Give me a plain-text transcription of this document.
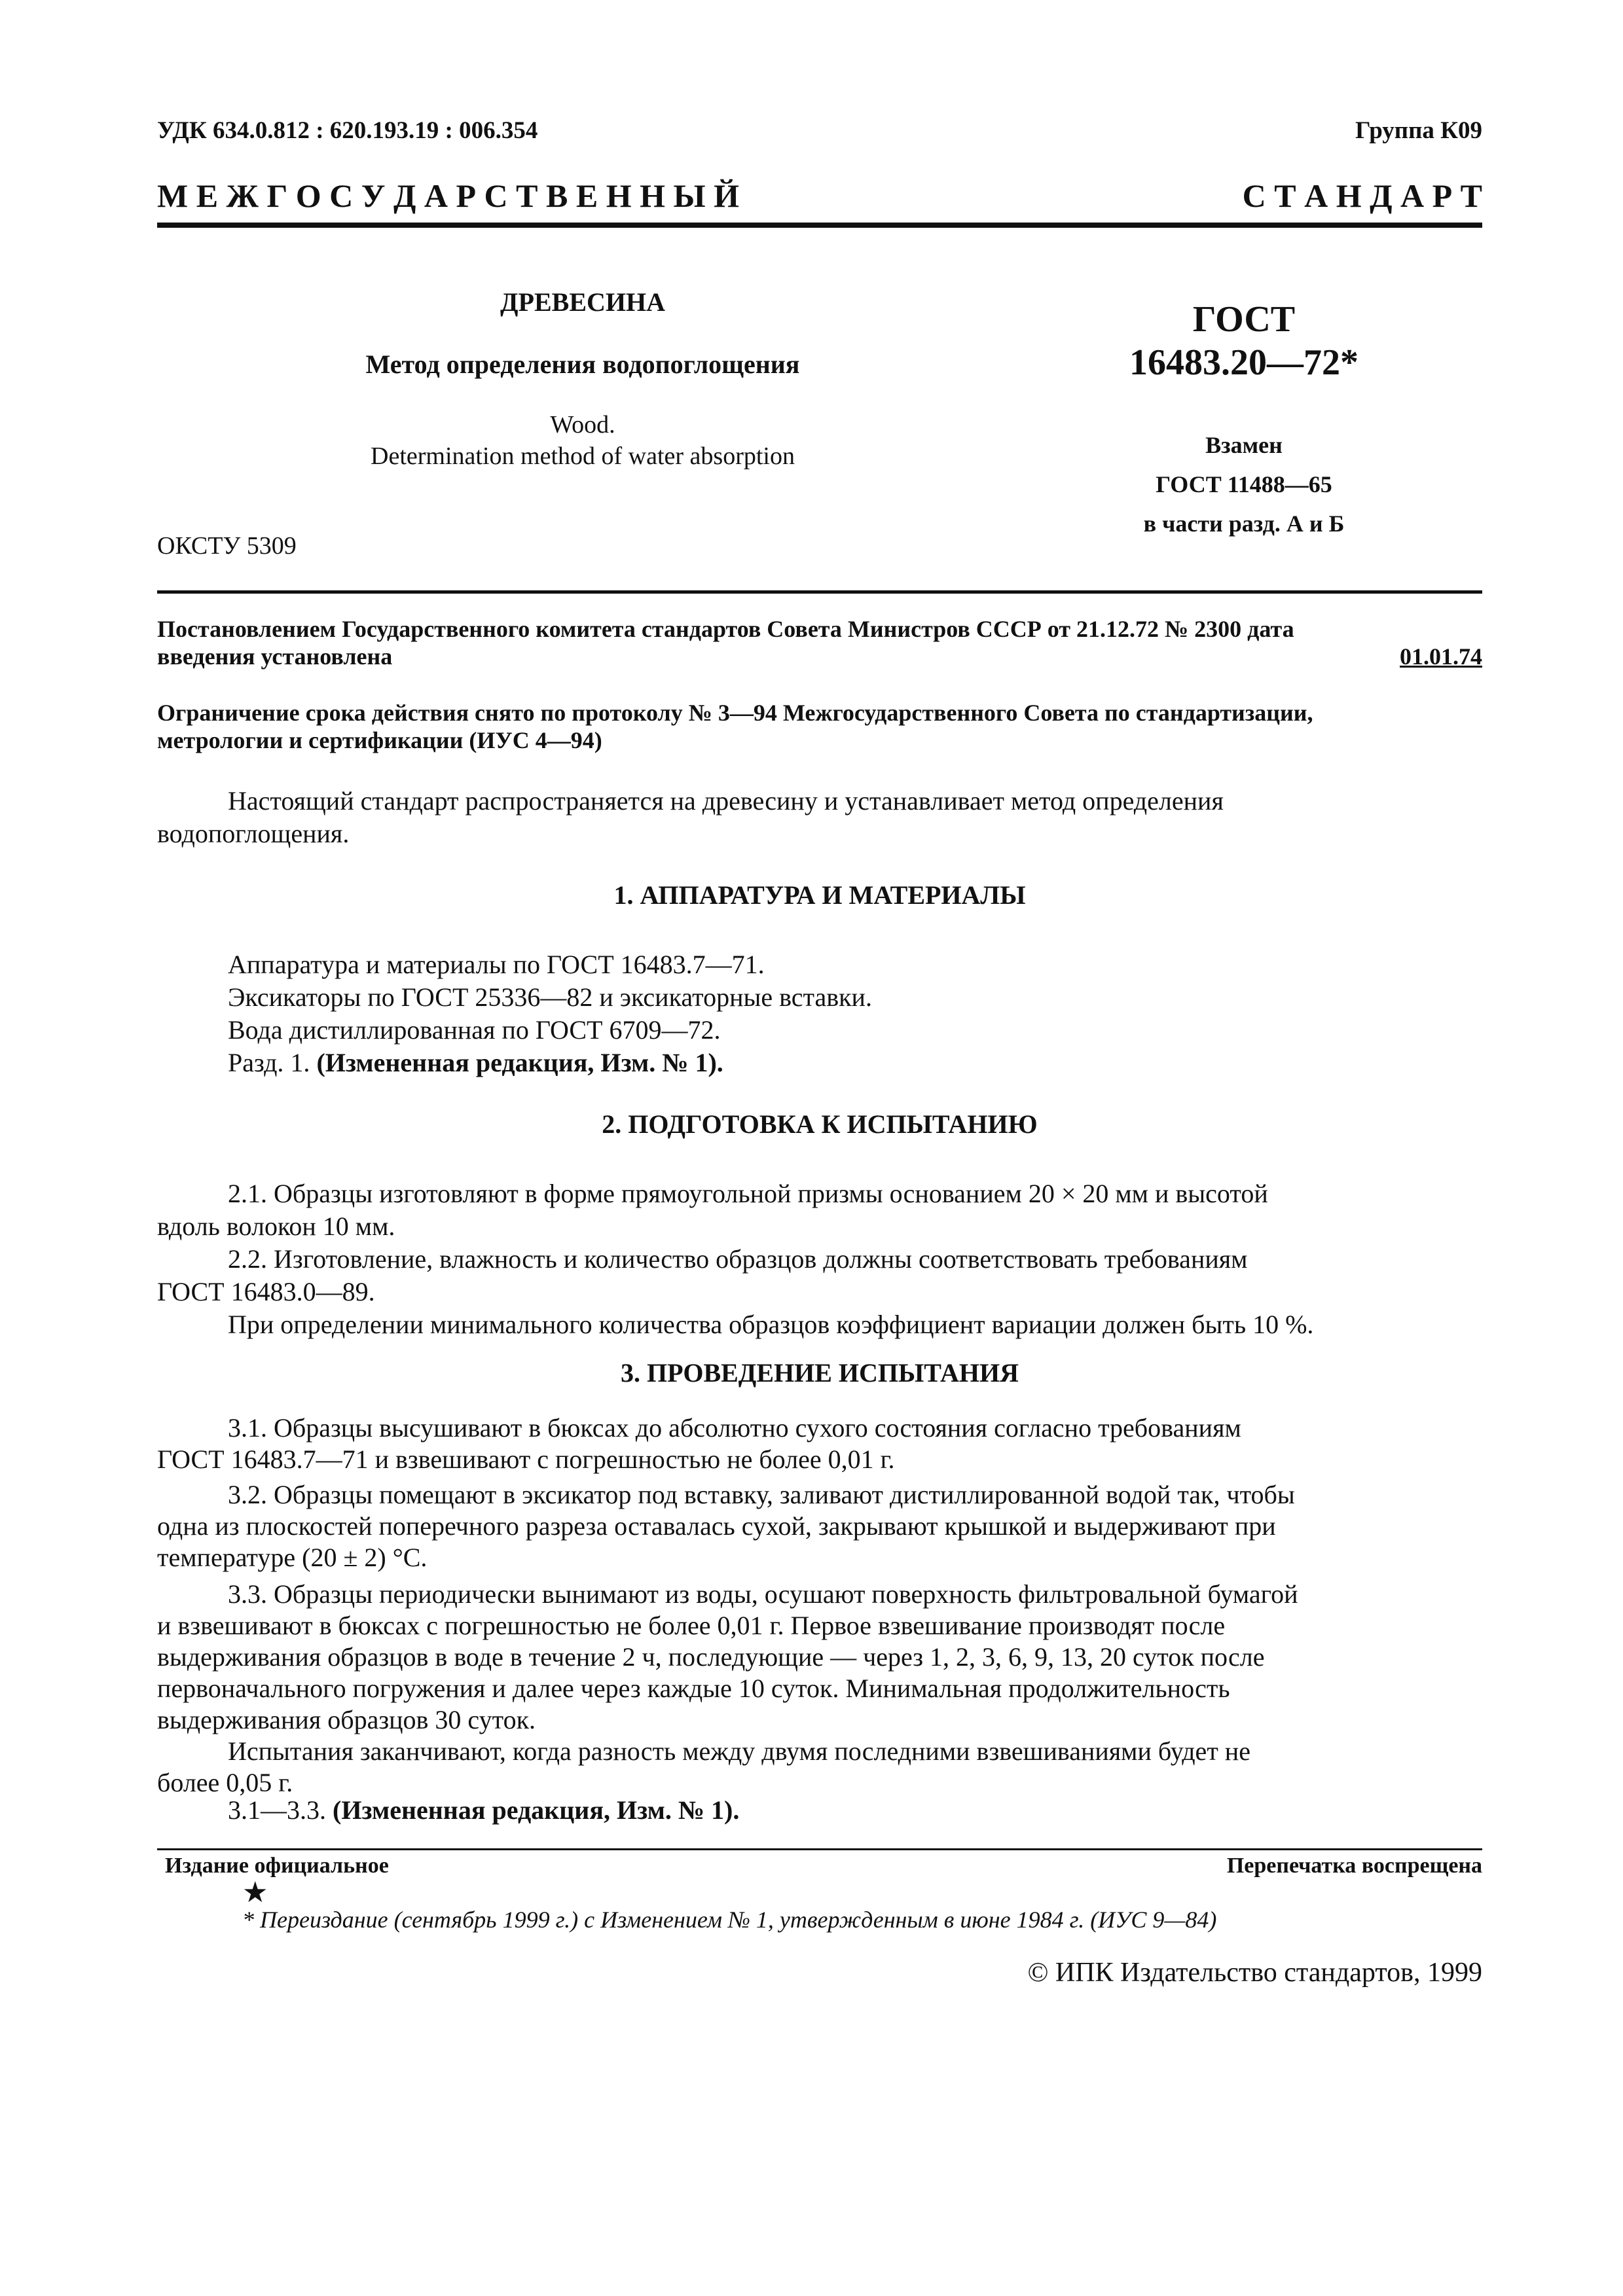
УДК 634.0.812 : 620.193.19 : 006.354	Группа К09
М Е Ж Г О С У Д А Р С Т В Е Н Н Ы Й	С Т А Н Д А Р Т
ДРЕВЕСИНА
Метод определения водопоглощения
Wood.
Determination method of water absorption
ГОСТ
16483.20—72*
Взамен
ГОСТ 11488—65
в части разд. А и Б
ОКСТУ 5309
Постановлением Государственного комитета стандартов Совета Министров СССР от 21.12.72 № 2300 дата
введения установлена	01.01.74
Ограничение срока действия снято по протоколу № 3—94 Межгосударственного Совета по стандартизации,
метрологии и сертификации (ИУС 4—94)
Настоящий стандарт распространяется на древесину и устанавливает метод определения
водопоглощения.
1. АППАРАТУРА И МАТЕРИАЛЫ
Аппаратура и материалы по ГОСТ 16483.7—71.
Эксикаторы по ГОСТ 25336—82 и эксикаторные вставки.
Вода дистиллированная по ГОСТ 6709—72.
Разд. 1. (Измененная редакция, Изм. № 1).
2. ПОДГОТОВКА К ИСПЫТАНИЮ
2.1. Образцы изготовляют в форме прямоугольной призмы основанием 20 × 20 мм и высотой
вдоль волокон 10 мм.
2.2. Изготовление, влажность и количество образцов должны соответствовать требованиям
ГОСТ 16483.0—89.
При определении минимального количества образцов коэффициент вариации должен быть 10 %.
3. ПРОВЕДЕНИЕ ИСПЫТАНИЯ
3.1. Образцы высушивают в бюксах до абсолютно сухого состояния согласно требованиям
ГОСТ 16483.7—71 и взвешивают с погрешностью не более 0,01 г.
3.2. Образцы помещают в эксикатор под вставку, заливают дистиллированной водой так, чтобы
одна из плоскостей поперечного разреза оставалась сухой, закрывают крышкой и выдерживают при
температуре (20 ± 2) °С.
3.3. Образцы периодически вынимают из воды, осушают поверхность фильтровальной бумагой
и взвешивают в бюксах с погрешностью не более 0,01 г. Первое взвешивание производят после
выдерживания образцов в воде в течение 2 ч, последующие — через 1, 2, 3, 6, 9, 13, 20 суток после
первоначального погружения и далее через каждые 10 суток. Минимальная продолжительность
выдерживания образцов 30 суток.
Испытания заканчивают, когда разность между двумя последними взвешиваниями будет не
более 0,05 г.
Издание официальное	Перепечатка воспрещена
★
* Переиздание (сентябрь 1999 г.) с Изменением № 1, утвержденным в июне 1984 г. (ИУС 9—84)
© ИПК Издательство стандартов, 1999
3.1—3.3. (Измененная редакция, Изм. № 1).
